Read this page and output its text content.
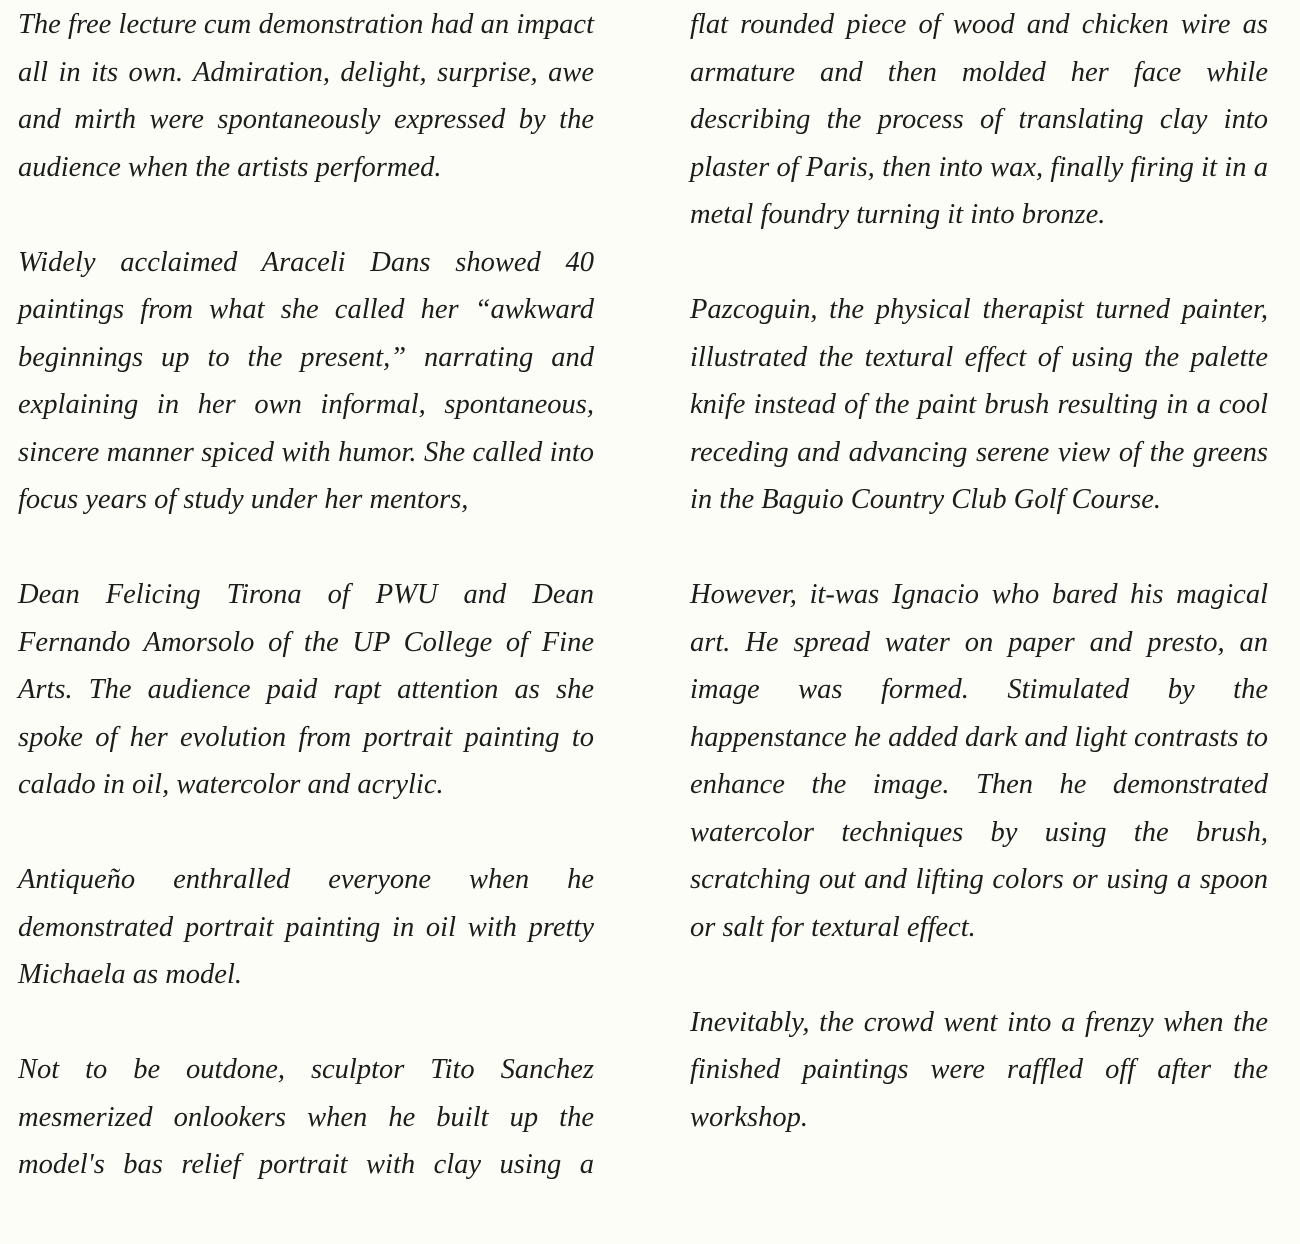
The free lecture cum demonstration had an impact all in its own. Admiration, delight, surprise, awe and mirth were spontaneously expressed by the audience when the artists performed.

Widely acclaimed Araceli Dans showed 40 paintings from what she called her “awkward beginnings up to the present,” narrating and explaining in her own informal, spontaneous, sincere manner spiced with humor. She called into focus years of study under her mentors,

Dean Felicing Tirona of PWU and Dean Fernando Amorsolo of the UP College of Fine Arts. The audience paid rapt attention as she spoke of her evolution from portrait painting to calado in oil, watercolor and acrylic.

Antiqueño enthralled everyone when he demonstrated portrait painting in oil with pretty Michaela as model.

Not to be outdone, sculptor Tito Sanchez mesmerized onlookers when he built up the model's bas relief portrait with clay using a

flat rounded piece of wood and chicken wire as armature and then molded her face while describing the process of translating clay into plaster of Paris, then into wax, finally firing it in a metal foundry turning it into bronze.

Pazcoguin, the physical therapist turned painter, illustrated the textural effect of using the palette knife instead of the paint brush resulting in a cool receding and advancing serene view of the greens in the Baguio Country Club Golf Course.

However, it-was Ignacio who bared his magical art. He spread water on paper and presto, an image was formed. Stimulated by the happenstance he added dark and light contrasts to enhance the image. Then he demonstrated watercolor techniques by using the brush, scratching out and lifting colors or using a spoon or salt for textural effect.

Inevitably, the crowd went into a frenzy when the finished paintings were raffled off after the workshop.
